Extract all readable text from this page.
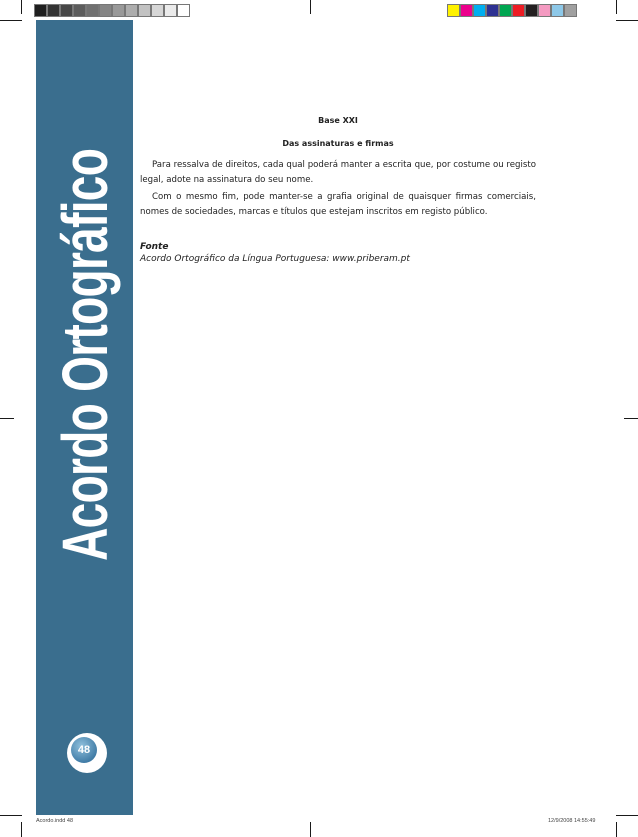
Acordo Ortográfico
48

Base XXI

Das assinaturas e firmas

Para ressalva de direitos, cada qual poderá manter a escrita que, por costume ou registo legal, adote na assinatura do seu nome.

Com o mesmo fim, pode manter-se a grafia original de quaisquer firmas comerciais, nomes de sociedades, marcas e títulos que estejam inscritos em registo público.

Fonte

Acordo Ortográfico da Língua Portuguesa: www.priberam.pt

Acordo.indd 48	12/9/2008 14:55:49
